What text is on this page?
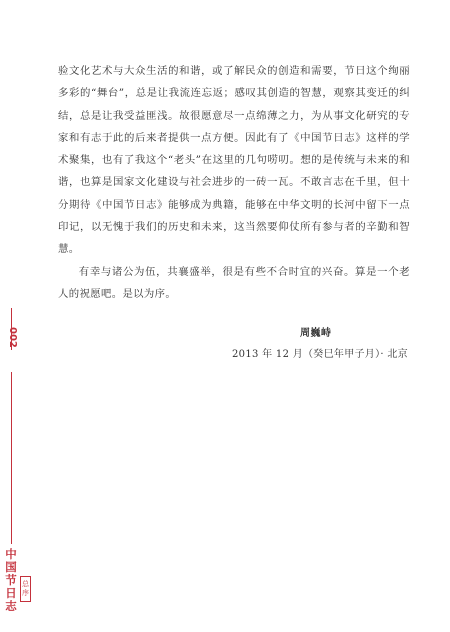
验文化艺术与大众生活的和谐，或了解民众的创造和需要，节日这个绚丽多彩的“舞台”，总是让我流连忘返；感叹其创造的智慧，观察其变迁的纠结，总是让我受益匪浅。故很愿意尽一点绵薄之力，为从事文化研究的专家和有志于此的后来者提供一点方便。因此有了《中国节日志》这样的学术聚集，也有了我这个“老头”在这里的几句唠叨。想的是传统与未来的和谐，也算是国家文化建设与社会进步的一砖一瓦。不敢言志在千里，但十分期待《中国节日志》能够成为典籍，能够在中华文明的长河中留下一点印记，以无愧于我们的历史和未来，这当然要仰仗所有参与者的辛勤和智慧。

有幸与诸公为伍，共襄盛举，很是有些不合时宜的兴奋。算是一个老人的祝愿吧。是以为序。

周巍峙
2013 年 12 月（癸巳年甲子月）· 北京
002
中
国
节
日
志
总序
